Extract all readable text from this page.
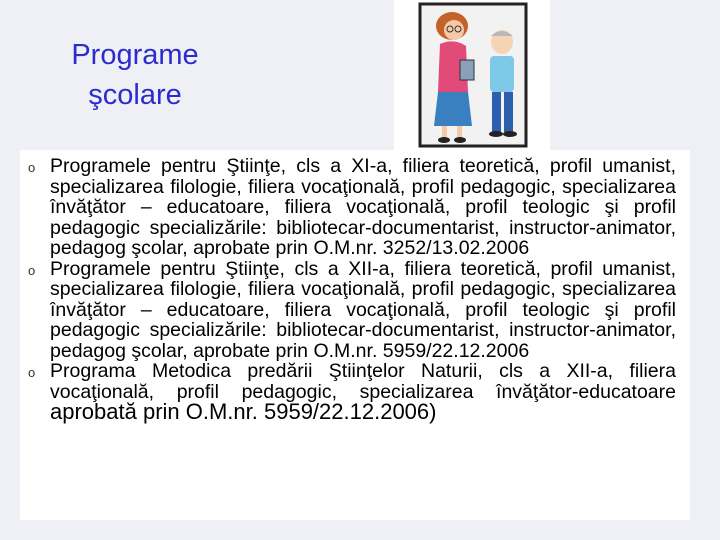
Programe
şcolare
o Programele pentru Ştiinţe, cls a XI-a, filiera teoretică, profil umanist, specializarea filologie, filiera vocaţională, profil pedagogic, specializarea învăţător – educatoare, filiera vocaţională, profil teologic şi profil pedagogic specializările: bibliotecar-documentarist, instructor-animator, pedagog şcolar, aprobate prin O.M.nr. 3252/13.02.2006
o Programele pentru Ştiinţe, cls a XII-a, filiera teoretică, profil umanist, specializarea filologie, filiera vocaţională, profil pedagogic, specializarea învăţător – educatoare, filiera vocaţională, profil teologic şi profil pedagogic specializările: bibliotecar-documentarist, instructor-animator, pedagog şcolar, aprobate prin O.M.nr. 5959/22.12.2006
o Programa Metodica predării Ştiinţelor Naturii, cls a XII-a, filiera vocaţională, profil pedagogic, specializarea învăţător-educatoare aprobată prin O.M.nr. 5959/22.12.2006)
